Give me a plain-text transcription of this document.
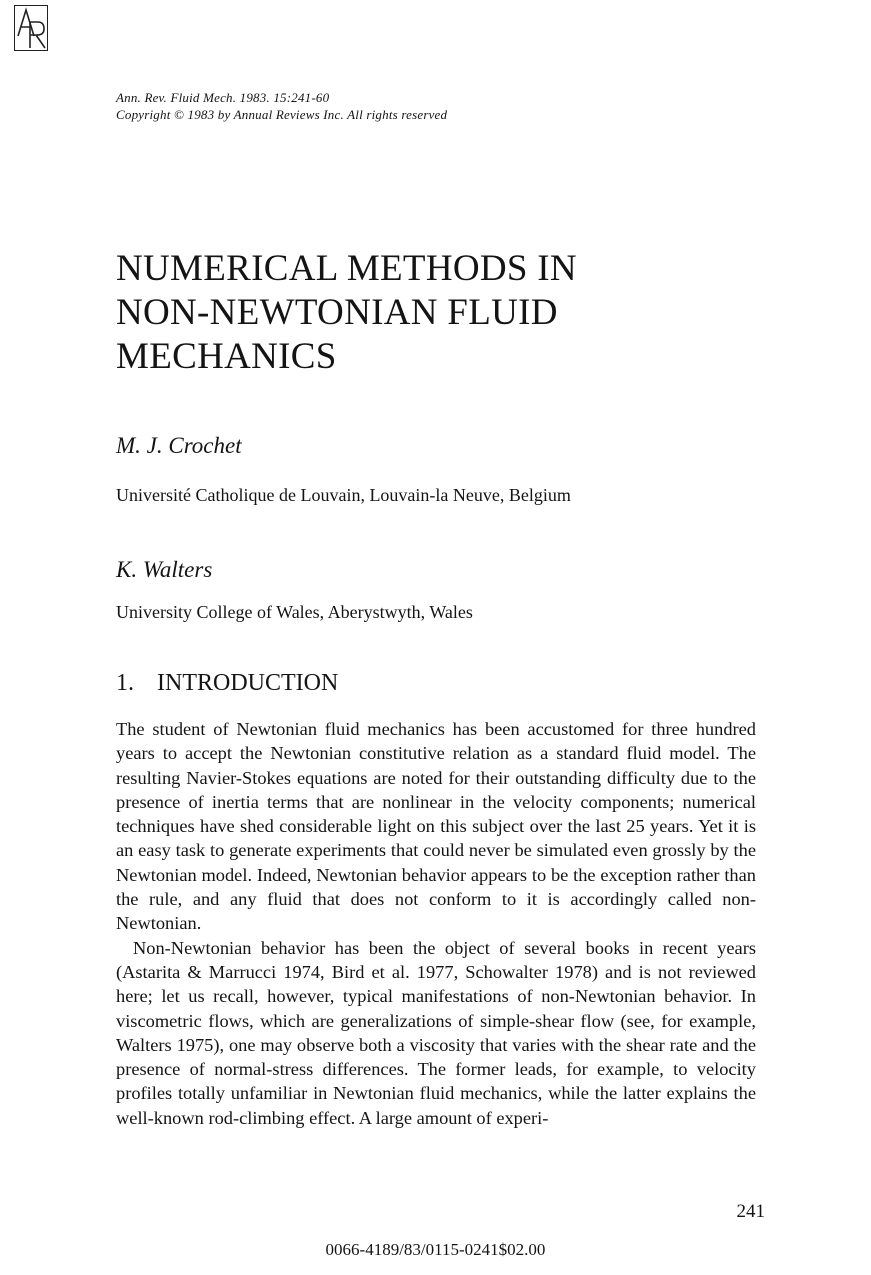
Ann. Rev. Fluid Mech. 1983. 15:241-60
Copyright © 1983 by Annual Reviews Inc. All rights reserved
NUMERICAL METHODS IN
NON-NEWTONIAN FLUID
MECHANICS
M. J. Crochet

Université Catholique de Louvain, Louvain-la Neuve, Belgium

K. Walters

University College of Wales, Aberystwyth, Wales

1. INTRODUCTION

The student of Newtonian fluid mechanics has been accustomed for three hundred years to accept the Newtonian constitutive relation as a standard fluid model. The resulting Navier-Stokes equations are noted for their outstanding difficulty due to the presence of inertia terms that are nonlinear in the velocity components; numerical techniques have shed considerable light on this subject over the last 25 years. Yet it is an easy task to generate experiments that could never be simulated even grossly by the Newtonian model. Indeed, Newtonian behavior appears to be the exception rather than the rule, and any fluid that does not conform to it is accordingly called non-Newtonian.

Non-Newtonian behavior has been the object of several books in recent years (Astarita & Marrucci 1974, Bird et al. 1977, Schowalter 1978) and is not reviewed here; let us recall, however, typical manifestations of non-Newtonian behavior. In viscometric flows, which are generalizations of simple-shear flow (see, for example, Walters 1975), one may observe both a viscosity that varies with the shear rate and the presence of normal-stress differences. The former leads, for example, to velocity profiles totally unfamiliar in Newtonian fluid mechanics, while the latter explains the well-known rod-climbing effect. A large amount of experi-

241
0066-4189/83/0115-0241$02.00
